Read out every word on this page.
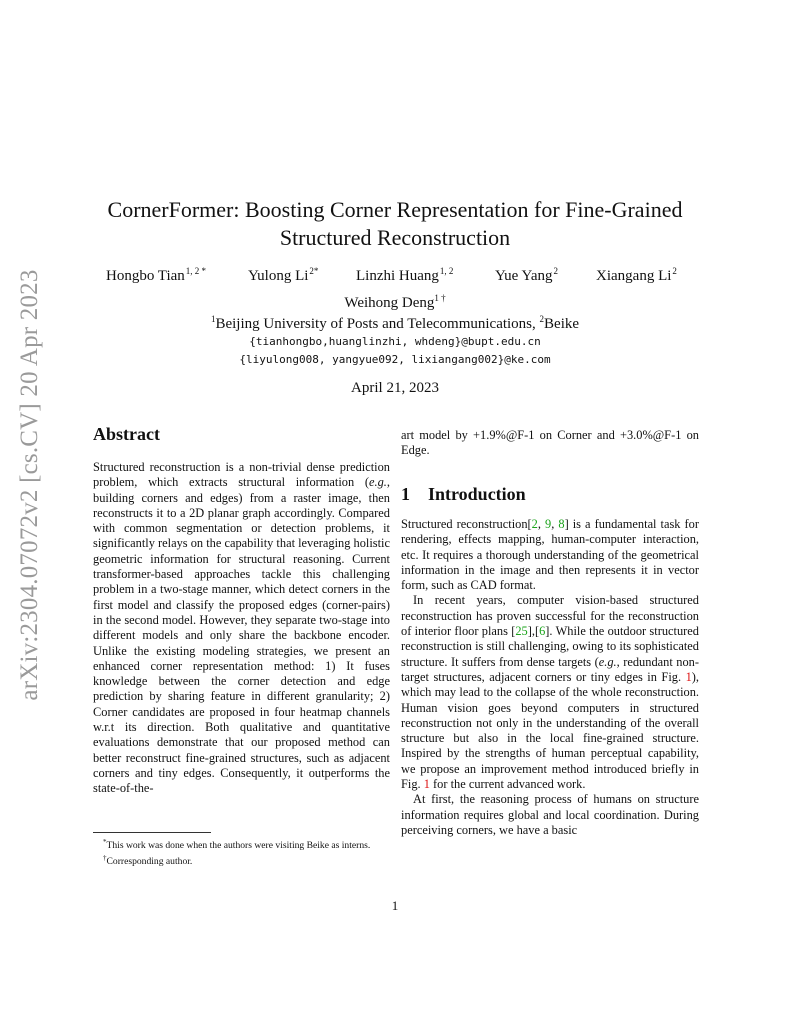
arXiv:2304.07072v2 [cs.CV] 20 Apr 2023
CornerFormer: Boosting Corner Representation for Fine-Grained
Structured Reconstruction
Hongbo Tian$^{1, 2 *}$	Yulong $Li^{2*}$	Linzhi Huang$^{1, 2}$	Yue Yang$^2$	Xiangang Li$^2$
Weihong Deng$^{1 \dagger}$
$^1$Beijing University of Posts and Telecommunications, $^2$Beike
{tianhongbo,huanglinzhi, whdeng}@bupt.edu.cn
{liyulong008, yangyue092, lixiangang002}@ke.com
April 21, 2023
Abstract

Structured reconstruction is a non-trivial dense prediction problem, which extracts structural information (e.g., building corners and edges) from a raster image, then reconstructs it to a 2D planar graph accordingly. Compared with common segmentation or detection problems, it significantly relays on the capability that leveraging holistic geometric information for structural reasoning. Current transformer-based approaches tackle this challenging problem in a two-stage manner, which detect corners in the first model and classify the proposed edges (corner-pairs) in the second model. However, they separate two-stage into different models and only share the backbone encoder. Unlike the existing modeling strategies, we present an enhanced corner representation method: 1) It fuses knowledge between the corner detection and edge prediction by sharing feature in different granularity; 2) Corner candidates are proposed in four heatmap channels w.r.t its direction. Both qualitative and quantitative evaluations demonstrate that our proposed method can better reconstruct fine-grained structures, such as adjacent corners and tiny edges. Consequently, it outperforms the state-of-the-

art model by +1.9%@F-1 on Corner and +3.0%@F-1 on Edge.

*This work was done when the authors were visiting Beike as interns.

†Corresponding author.

1 Introduction

Structured reconstruction[2, 9, 8] is a fundamental task for rendering, effects mapping, human-computer interaction, etc. It requires a thorough understanding of the geometrical information in the image and then represents it in vector form, such as CAD format.

In recent years, computer vision-based structured reconstruction has proven successful for the reconstruction of interior floor plans [25],[6]. While the outdoor structured reconstruction is still challenging, owing to its sophisticated structure. It suffers from dense targets (e.g., redundant non-target structures, adjacent corners or tiny edges in Fig. 1), which may lead to the collapse of the whole reconstruction. Human vision goes beyond computers in structured reconstruction not only in the understanding of the overall structure but also in the local fine-grained structure. Inspired by the strengths of human perceptual capability, we propose an improvement method introduced briefly in Fig. 1 for the current advanced work.

At first, the reasoning process of humans on structure information requires global and local coordination. During perceiving corners, we have a basic

1
